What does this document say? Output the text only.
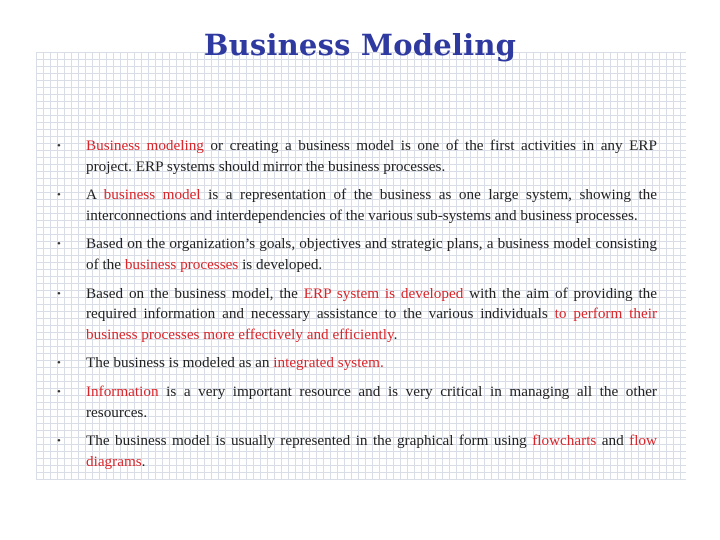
Business Modeling
• Business modeling or creating a business model is one of the first activities in any ERP project. ERP systems should mirror the business processes.
• A business model is a representation of the business as one large system, showing the interconnections and interdependencies of the various sub-systems and business processes.
• Based on the organization’s goals, objectives and strategic plans, a business model consisting of the business processes is developed.
• Based on the business model, the ERP system is developed with the aim of providing the required information and necessary assistance to the various individuals to perform their business processes more effectively and efficiently.
• The business is modeled as an integrated system.
• Information is a very important resource and is very critical in managing all the other resources.
• The business model is usually represented in the graphical form using flowcharts and flow diagrams.
